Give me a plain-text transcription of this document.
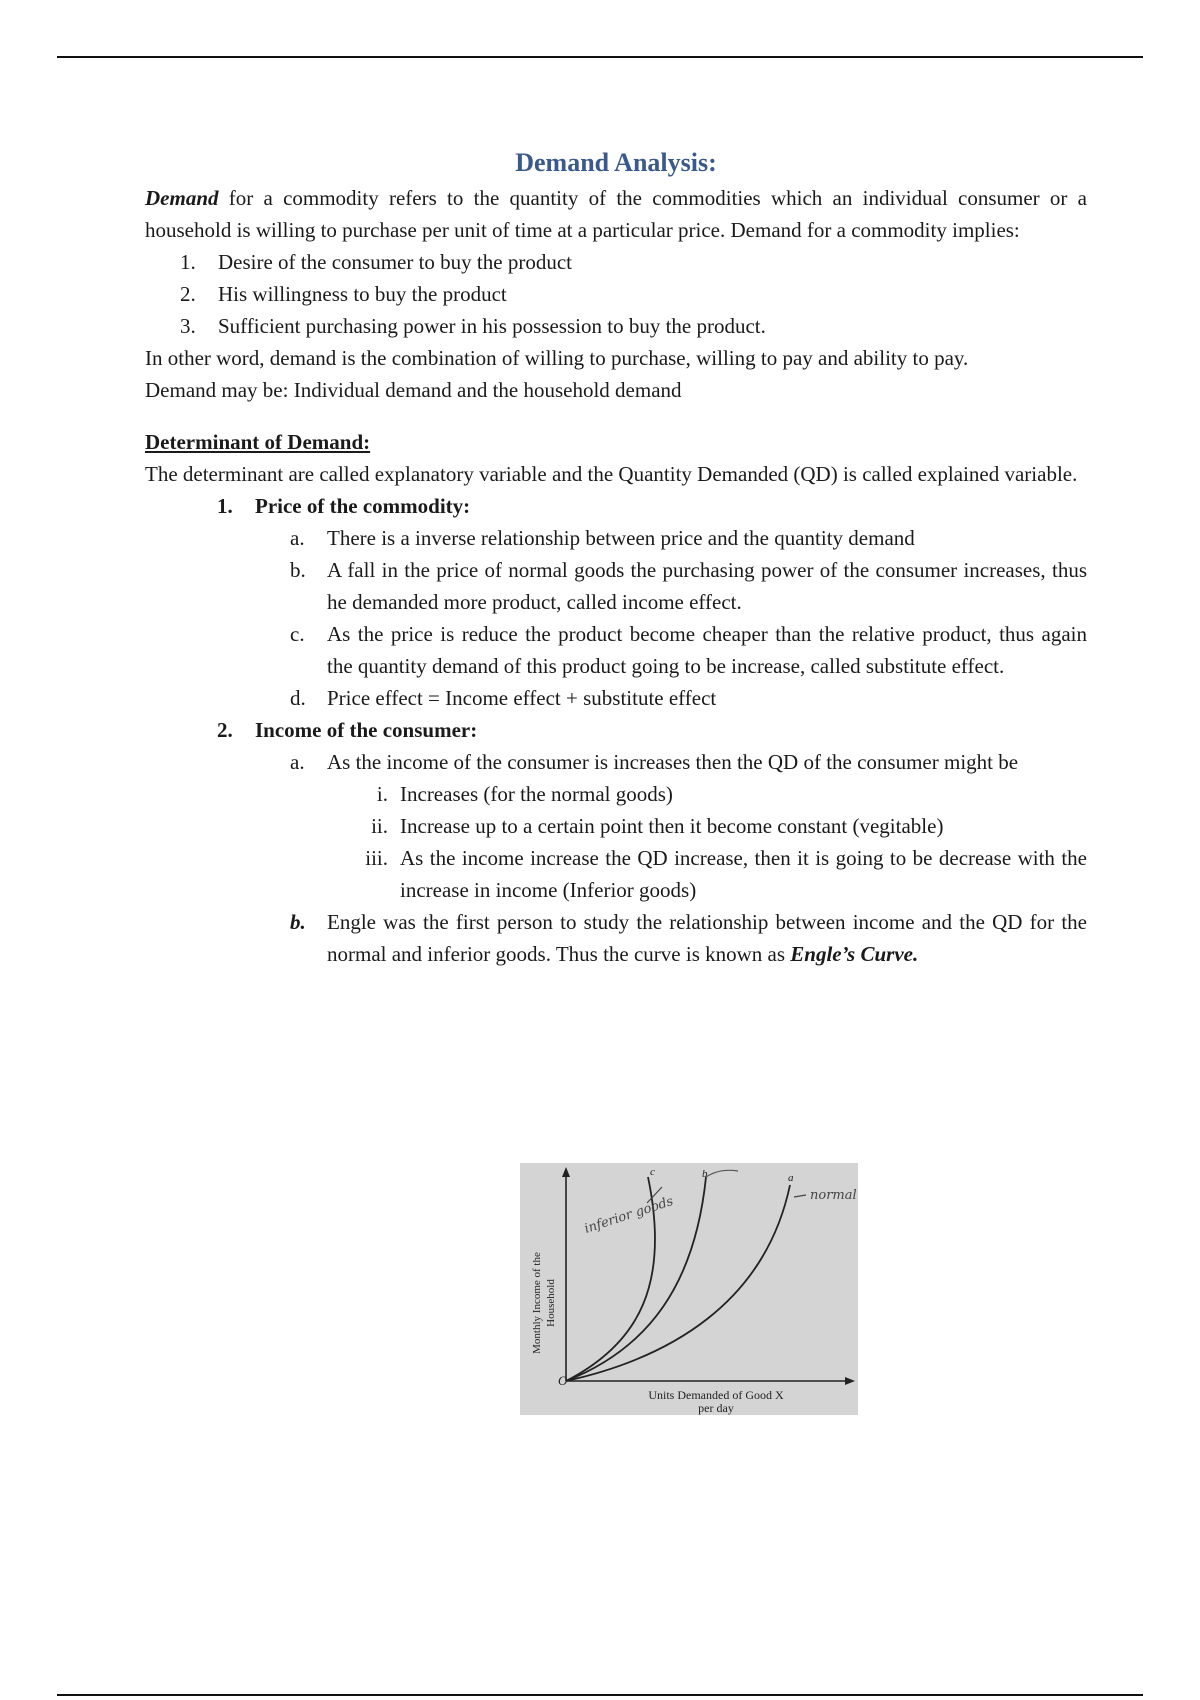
Demand Analysis:

Demand for a commodity refers to the quantity of the commodities which an individual consumer or a household is willing to purchase per unit of time at a particular price. Demand for a commodity implies:

1. Desire of the consumer to buy the product
2. His willingness to buy the product
3. Sufficient purchasing power in his possession to buy the product.

In other word, demand is the combination of willing to purchase, willing to pay and ability to pay.

Demand may be: Individual demand and the household demand

Determinant of Demand:

The determinant are called explanatory variable and the Quantity Demanded (QD) is called explained variable.

1. Price of the commodity:
a. There is a inverse relationship between price and the quantity demand
b. A fall in the price of normal goods the purchasing power of the consumer increases, thus he demanded more product, called income effect.
c. As the price is reduce the product become cheaper than the relative product, thus again the quantity demand of this product going to be increase, called substitute effect.
d. Price effect = Income effect + substitute effect
2. Income of the consumer:
a. As the income of the consumer is increases then the QD of the consumer might be
i. Increases (for the normal goods)
ii. Increase up to a certain point then it become constant (vegitable)
iii. As the income increase the QD increase, then it is going to be decrease with the increase in income (Inferior goods)
b. Engle was the first person to study the relationship between income and the QD for the normal and inferior goods. Thus the curve is known as Engle’s Curve.
c	b	a
O
inferior goods	normal
Monthly Income of the Household
Units Demanded of Good X
per day
